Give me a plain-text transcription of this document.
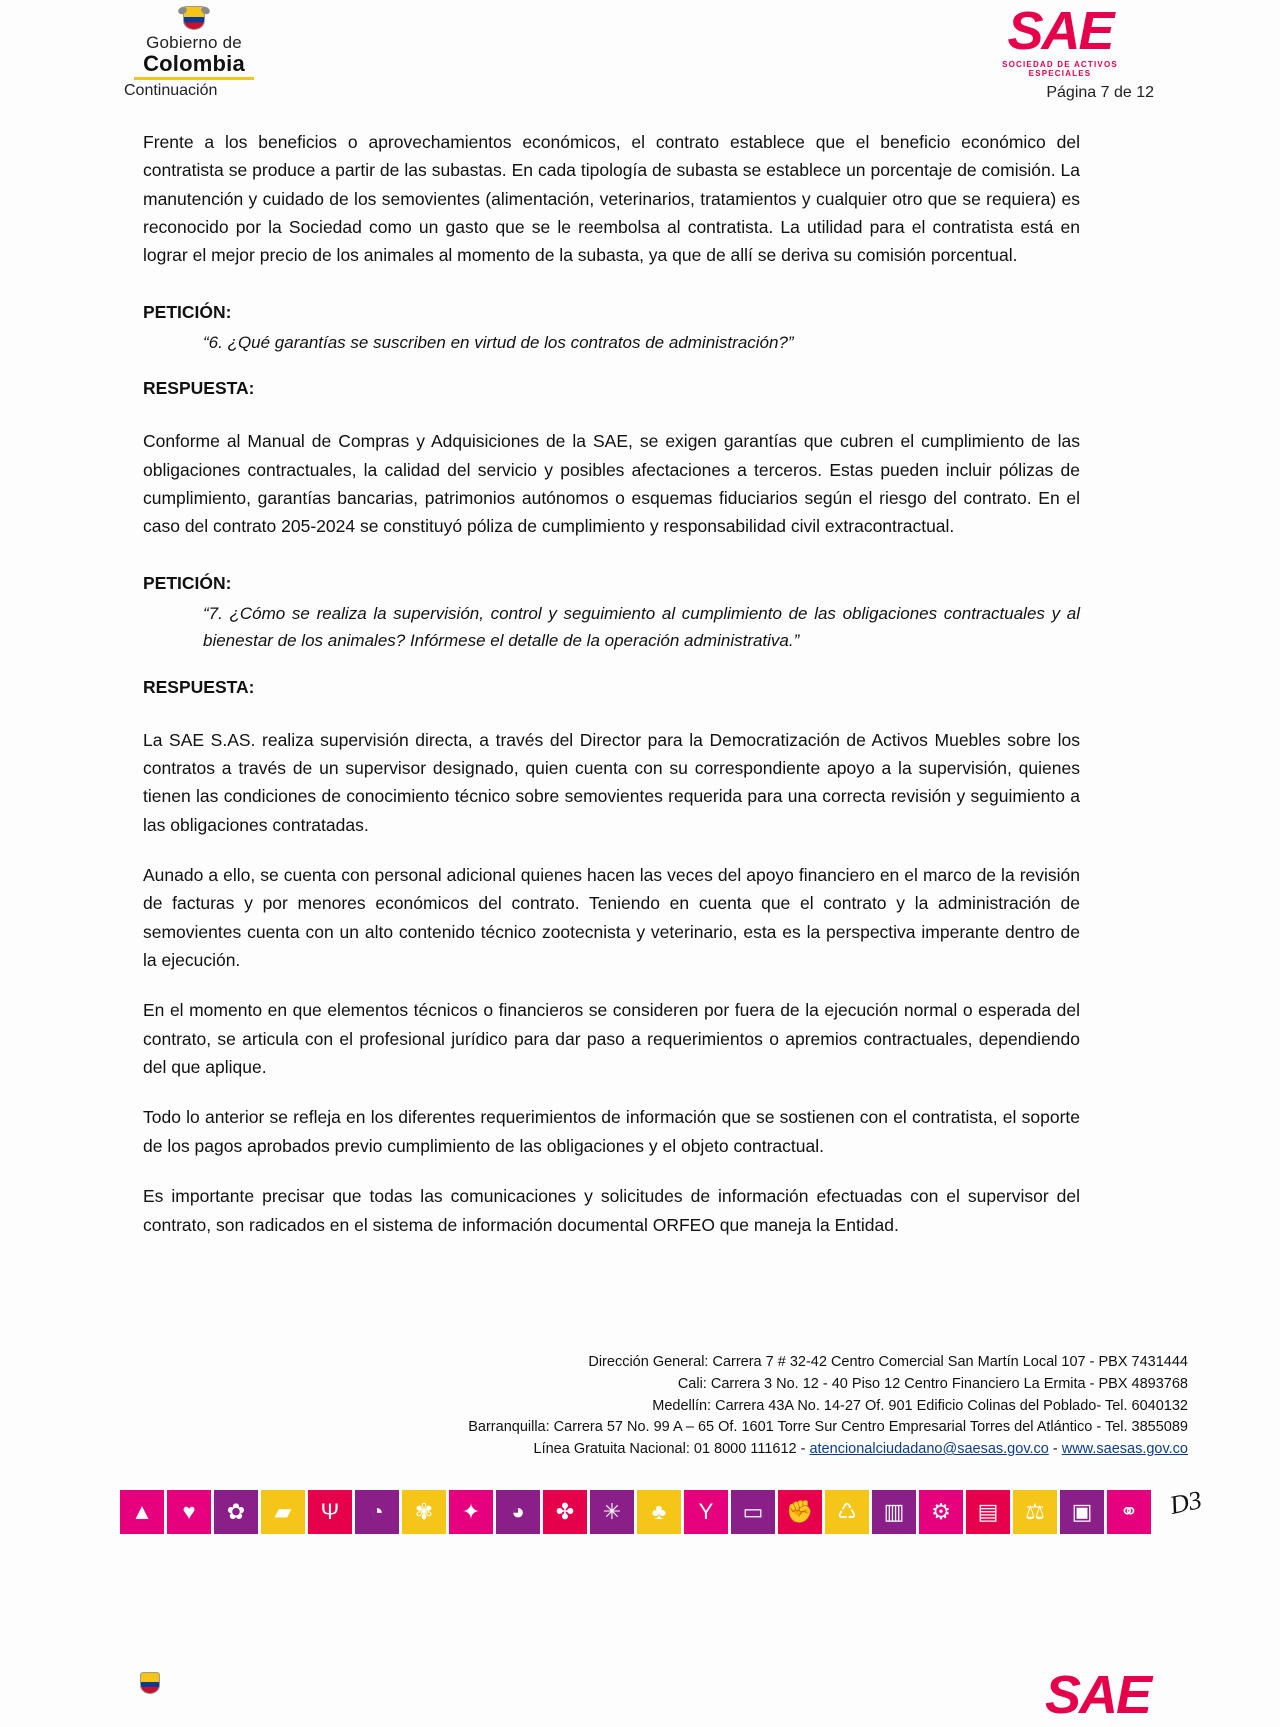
Gobierno de
Colombia
Continuación
SAE
SOCIEDAD DE ACTIVOS ESPECIALES
Página 7 de 12

Frente a los beneficios o aprovechamientos económicos, el contrato establece que el beneficio económico del contratista se produce a partir de las subastas. En cada tipología de subasta se establece un porcentaje de comisión. La manutención y cuidado de los semovientes (alimentación, veterinarios, tratamientos y cualquier otro que se requiera) es reconocido por la Sociedad como un gasto que se le reembolsa al contratista. La utilidad para el contratista está en lograr el mejor precio de los animales al momento de la subasta, ya que de allí se deriva su comisión porcentual.

PETICIÓN:

“6. ¿Qué garantías se suscriben en virtud de los contratos de administración?”

RESPUESTA:

Conforme al Manual de Compras y Adquisiciones de la SAE, se exigen garantías que cubren el cumplimiento de las obligaciones contractuales, la calidad del servicio y posibles afectaciones a terceros. Estas pueden incluir pólizas de cumplimiento, garantías bancarias, patrimonios autónomos o esquemas fiduciarios según el riesgo del contrato. En el caso del contrato 205-2024 se constituyó póliza de cumplimiento y responsabilidad civil extracontractual.

PETICIÓN:

“7. ¿Cómo se realiza la supervisión, control y seguimiento al cumplimiento de las obligaciones contractuales y al bienestar de los animales? Infórmese el detalle de la operación administrativa.”

RESPUESTA:

La SAE S.AS. realiza supervisión directa, a través del Director para la Democratización de Activos Muebles sobre los contratos a través de un supervisor designado, quien cuenta con su correspondiente apoyo a la supervisión, quienes tienen las condiciones de conocimiento técnico sobre semovientes requerida para una correcta revisión y seguimiento a las obligaciones contratadas.

Aunado a ello, se cuenta con personal adicional quienes hacen las veces del apoyo financiero en el marco de la revisión de facturas y por menores económicos del contrato. Teniendo en cuenta que el contrato y la administración de semovientes cuenta con un alto contenido técnico zootecnista y veterinario, esta es la perspectiva imperante dentro de la ejecución.

En el momento en que elementos técnicos o financieros se consideren por fuera de la ejecución normal o esperada del contrato, se articula con el profesional jurídico para dar paso a requerimientos o apremios contractuales, dependiendo del que aplique.

Todo lo anterior se refleja en los diferentes requerimientos de información que se sostienen con el contratista, el soporte de los pagos aprobados previo cumplimiento de las obligaciones y el objeto contractual.

Es importante precisar que todas las comunicaciones y solicitudes de información efectuadas con el supervisor del contrato, son radicados en el sistema de información documental ORFEO que maneja la Entidad.

Dirección General: Carrera 7 # 32-42 Centro Comercial San Martín Local 107 - PBX 7431444
Cali: Carrera 3 No. 12 - 40 Piso 12 Centro Financiero La Ermita - PBX 4893768
Medellín: Carrera 43A No. 14-27 Of. 901 Edificio Colinas del Poblado- Tel. 6040132
Barranquilla: Carrera 57 No. 99 A – 65 Of. 1601 Torre Sur Centro Empresarial Torres del Atlántico - Tel. 3855089
Línea Gratuita Nacional: 01 8000 111612 - atencionalciudadano@saesas.gov.co - www.saesas.gov.co
▲	♥	✿	▰	Ψ	◔	✾	✦	◕	✤	✳	♣	Y	▭	✊	♺	▥	⚙	▤	⚖	▣	⚭	D3
SAE
